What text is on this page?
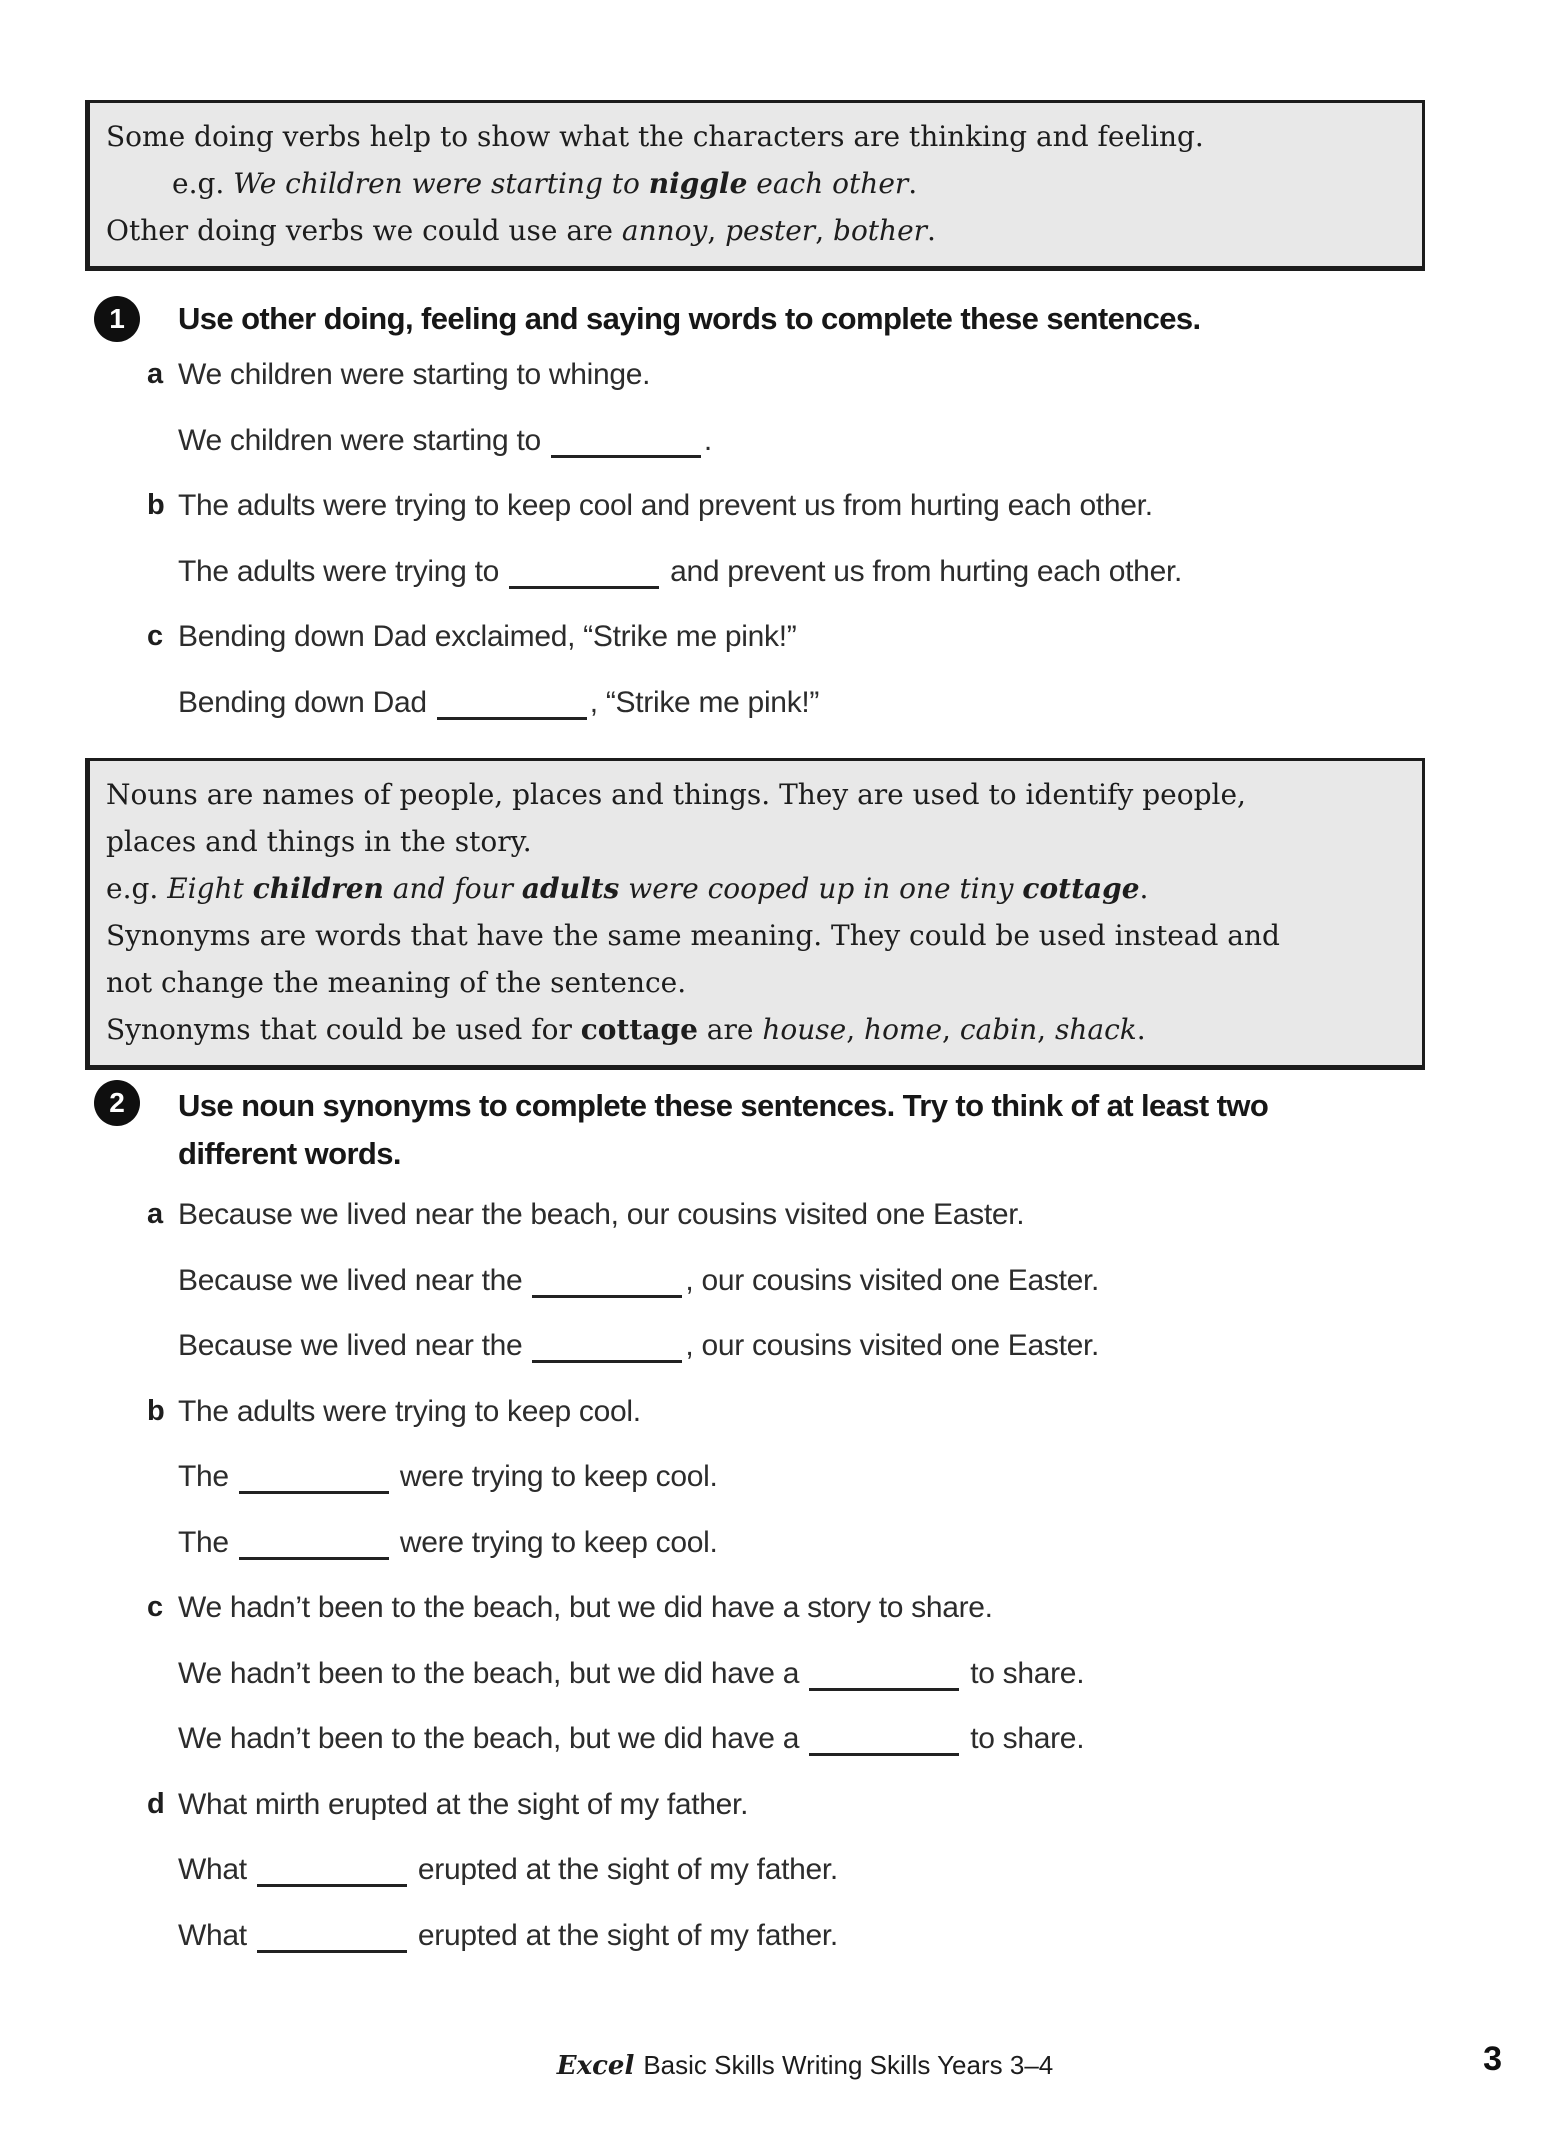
Some doing verbs help to show what the characters are thinking and feeling.
e.g. We children were starting to niggle each other.
Other doing verbs we could use are annoy, pester, bother.
1	Use other doing, feeling and saying words to complete these sentences.
a We children were starting to whinge.
We children were starting to	.
b The adults were trying to keep cool and prevent us from hurting each other.
The adults were trying to	and prevent us from hurting each other.
c Bending down Dad exclaimed, “Strike me pink!”
Bending down Dad	, “Strike me pink!”
Nouns are names of people, places and things. They are used to identify people,
places and things in the story.
e.g. Eight children and four adults were cooped up in one tiny cottage.
Synonyms are words that have the same meaning. They could be used instead and
not change the meaning of the sentence.
Synonyms that could be used for cottage are house, home, cabin, shack.
2	Use noun synonyms to complete these sentences. Try to think of at least two
different words.
a Because we lived near the beach, our cousins visited one Easter.
Because we lived near the	, our cousins visited one Easter.
Because we lived near the	, our cousins visited one Easter.
b The adults were trying to keep cool.
The	were trying to keep cool.
The	were trying to keep cool.
c We hadn’t been to the beach, but we did have a story to share.
We hadn’t been to the beach, but we did have a	to share.
We hadn’t been to the beach, but we did have a	to share.
d What mirth erupted at the sight of my father.
What	erupted at the sight of my father.
What	erupted at the sight of my father.
Excel Basic Skills Writing Skills Years 3–4	3
